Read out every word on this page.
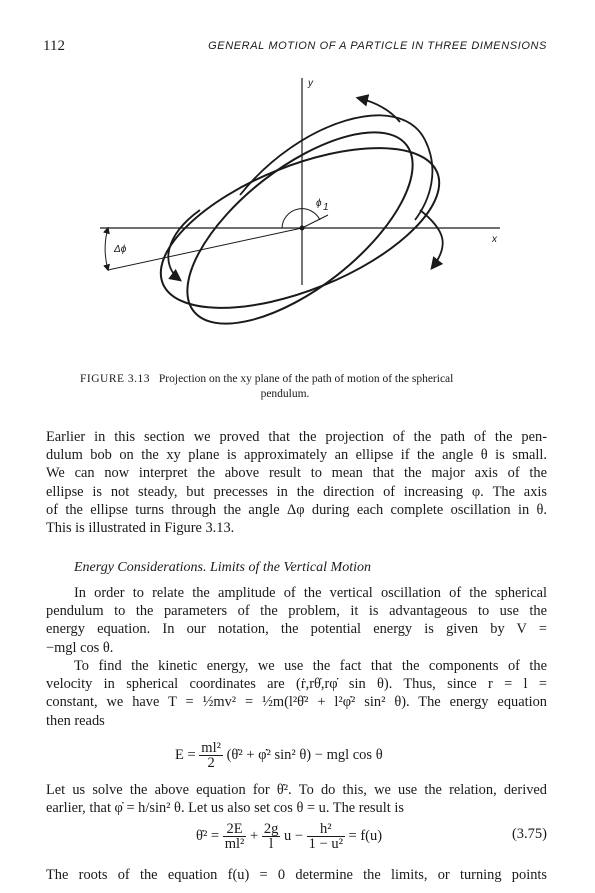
112	GENERAL MOTION OF A PARTICLE IN THREE DIMENSIONS
y
x
Δϕ
ϕ 1
FIGURE 3.13 Projection on the xy plane of the path of motion of the spherical
pendulum.

Earlier in this section we proved that the projection of the path of the pen-
dulum bob on the xy plane is approximately an ellipse if the angle θ is small.
We can now interpret the above result to mean that the major axis of the
ellipse is not steady, but precesses in the direction of increasing φ. The axis
of the ellipse turns through the angle Δφ during each complete oscillation in θ.
This is illustrated in Figure 3.13.

Energy Considerations. Limits of the Vertical Motion

In order to relate the amplitude of the vertical oscillation of the spherical
pendulum to the parameters of the problem, it is advantageous to use the
energy equation. In our notation, the potential energy is given by V =
−mgl cos θ.

To find the kinetic energy, we use the fact that the components of the
velocity in spherical coordinates are (ṙ,rθ̇,rφ̇ sin θ). Thus, since r = l =
constant, we have T = ½mv² = ½m(l²θ̇² + l²φ̇² sin² θ). The energy equation
then reads

$E = \frac{\text{ml²}}{2}$ (θ̇² + φ̇² sin² θ) − mgl cos θ

Let us solve the above equation for θ̇². To do this, we use the relation, derived
earlier, that φ̇ = h/sin² θ. Let us also set cos θ = u. The result is

θ̇² = $\frac{2E}{\text{ml²}} + \frac{2g}{l}$ $u - \frac{\text{h²}}{\text{1 − u²}} = f(u)$	(3.75)

The roots of the equation f(u) = 0 determine the limits, or turning points
